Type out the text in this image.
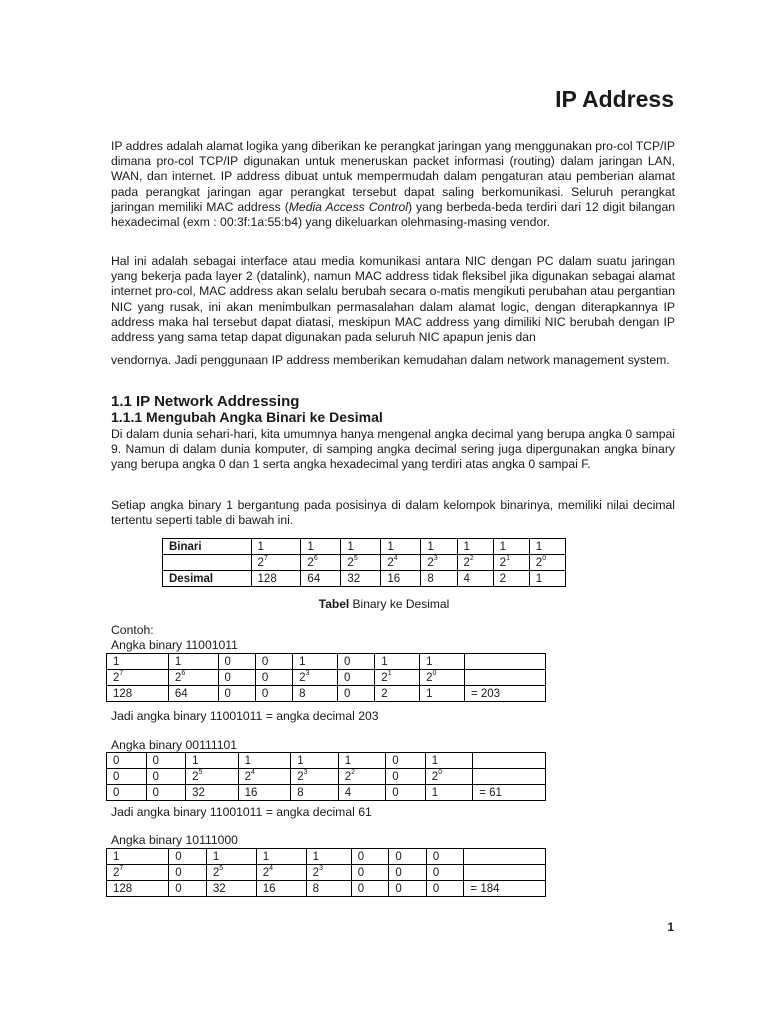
IP Address

IP addres adalah alamat logika yang diberikan ke perangkat jaringan yang menggunakan pro-col TCP/IP dimana pro-col TCP/IP digunakan untuk meneruskan packet informasi (routing) dalam jaringan LAN, WAN, dan internet. IP address dibuat untuk mempermudah dalam pengaturan atau pemberian alamat pada perangkat jaringan agar perangkat tersebut dapat saling berkomunikasi. Seluruh perangkat jaringan memiliki MAC address (Media Access Control) yang berbeda-beda terdiri dari 12 digit bilangan hexadecimal (exm : 00:3f:1a:55:b4) yang dikeluarkan olehmasing-masing vendor.

Hal ini adalah sebagai interface atau media komunikasi antara NIC dengan PC dalam suatu jaringan yang bekerja pada layer 2 (datalink), namun MAC address tidak fleksibel jika digunakan sebagai alamat internet pro-col, MAC address akan selalu berubah secara o-matis mengikuti perubahan atau pergantian NIC yang rusak, ini akan menimbulkan permasalahan dalam alamat logic, dengan diterapkannya IP address maka hal tersebut dapat diatasi, meskipun MAC address yang dimiliki NIC berubah dengan IP address yang sama tetap dapat digunakan pada seluruh NIC apapun jenis dan

vendornya. Jadi penggunaan IP address memberikan kemudahan dalam network management system.

1.1 IP Network Addressing
1.1.1 Mengubah Angka Binari ke Desimal

Di dalam dunia sehari-hari, kita umumnya hanya mengenal angka decimal yang berupa angka 0 sampai 9. Namun di dalam dunia komputer, di samping angka decimal sering juga dipergunakan angka binary yang berupa angka 0 dan 1 serta angka hexadecimal yang terdiri atas angka 0 sampai F.

Setiap angka binary 1 bergantung pada posisinya di dalam kelompok binarinya, memiliki nilai decimal tertentu seperti table di bawah ini.

Binari	1	1	1	1	1	1	1	1
	$2^7$	$2^6$	$2^5$	$2^4$	$2^3$	$2^2$	$2^1$	$2^0$
Desimal	128	64	32	16	8	4	2	1
Tabel Binary ke Desimal

Contoh:

Angka binary 11001011

1	1	0	0	1	0	1	1	
$2^7$	$2^6$	0	0	$2^3$	0	$2^1$	$2^0$	
128	64	0	0	8	0	2	1	= 203

Jadi angka binary 11001011 = angka decimal 203

Angka binary 00111101

0	0	1	1	1	1	0	1	
0	0	$2^5$	$2^4$	$2^3$	$2^2$	0	$2^0$	
0	0	32	16	8	4	0	1	= 61

Jadi angka binary 11001011 = angka decimal 61

Angka binary 10111000

1	0	1	1	1	0	0	0	
$2^7$	0	$2^5$	$2^4$	$2^3$	0	0	0	
128	0	32	16	8	0	0	0	= 184
1
